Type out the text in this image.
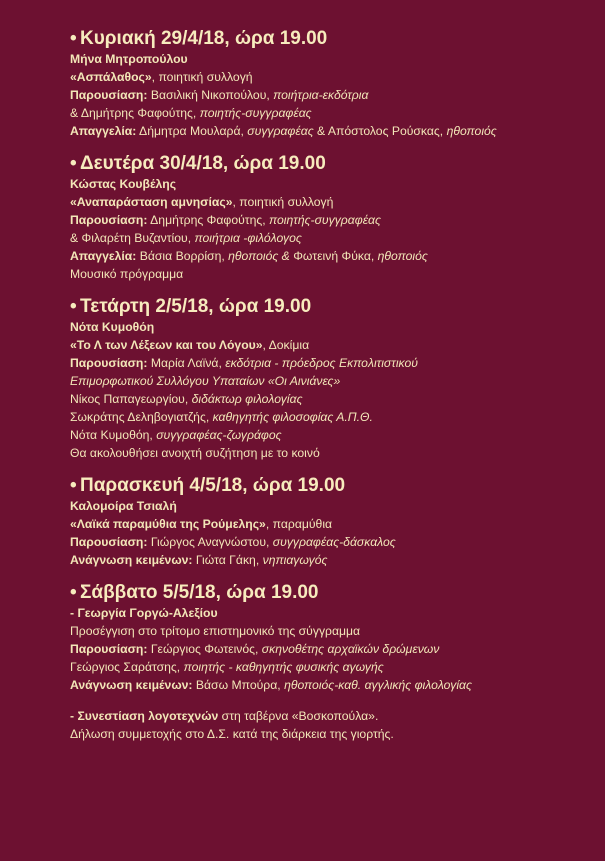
• Κυριακή 29/4/18, ώρα 19.00
Μήνα Μητροπούλου
«Ασπάλαθος», ποιητική συλλογή
Παρουσίαση: Βασιλική Νικοπούλου, ποιήτρια-εκδότρια
& Δημήτρης Φαφούτης, ποιητής-συγγραφέας
Απαγγελία: Δήμητρα Μουλαρά, συγγραφέας & Απόστολος Ρούσκας, ηθοποιός
• Δευτέρα 30/4/18, ώρα 19.00
Κώστας Κουβέλης
«Αναπαράσταση αμνησίας», ποιητική συλλογή
Παρουσίαση: Δημήτρης Φαφούτης, ποιητής-συγγραφέας
& Φιλαρέτη Βυζαντίου, ποιήτρια -φιλόλογος
Απαγγελία: Βάσια Βορρίση, ηθοποιός & Φωτεινή Φύκα, ηθοποιός
Μουσικό πρόγραμμα
• Τετάρτη 2/5/18, ώρα 19.00
Νότα Κυμοθόη
«Το Λ των Λέξεων και του Λόγου», Δοκίμια
Παρουσίαση: Μαρία Λαϊνά, εκδότρια - πρόεδρος Εκπολιτιστικού
Επιμορφωτικού Συλλόγου Υπαταίων «Οι Αινιάνες»
Νίκος Παπαγεωργίου, διδάκτωρ φιλολογίας
Σωκράτης Δεληβογιατζής, καθηγητής φιλοσοφίας Α.Π.Θ.
Νότα Κυμοθόη, συγγραφέας-ζωγράφος
Θα ακολουθήσει ανοιχτή συζήτηση με το κοινό
• Παρασκευή 4/5/18, ώρα 19.00
Καλομοίρα Τσιαλή
«Λαϊκά παραμύθια της Ρούμελης», παραμύθια
Παρουσίαση: Γιώργος Αναγνώστου, συγγραφέας-δάσκαλος
Ανάγνωση κειμένων: Γιώτα Γάκη, νηπιαγωγός
• Σάββατο 5/5/18, ώρα 19.00
- Γεωργία Γοργώ-Αλεξίου
Προσέγγιση στο τρίτομο επιστημονικό της σύγγραμμα
Παρουσίαση: Γεώργιος Φωτεινός, σκηνοθέτης αρχαϊκών δρώμενων
Γεώργιος Σαράτσης, ποιητής - καθηγητής φυσικής αγωγής
Ανάγνωση κειμένων: Βάσω Μπούρα, ηθοποιός-καθ. αγγλικής φιλολογίας
- Συνεστίαση λογοτεχνών στη ταβέρνα «Βοσκοπούλα».
Δήλωση συμμετοχής στο Δ.Σ. κατά της διάρκεια της γιορτής.
